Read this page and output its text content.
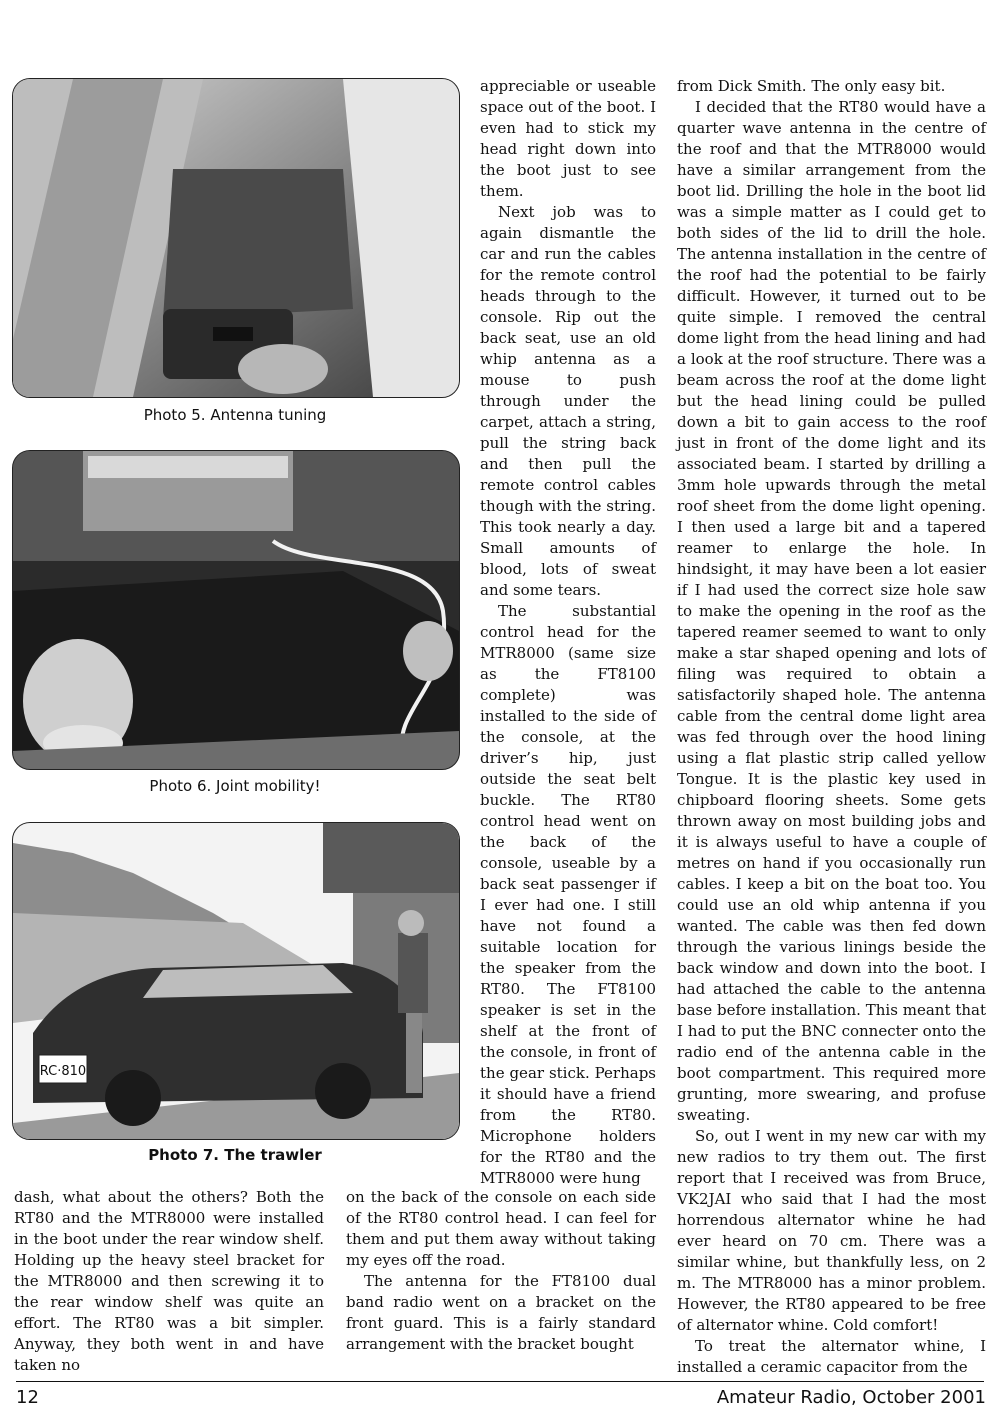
Photo 5. Antenna tuning
Photo 6. Joint mobility!
RC·810
Photo 7. The trawler

appreciable or useable space out of the boot. I even had to stick my head right down into the boot just to see them.

Next job was to again dismantle the car and run the cables for the remote control heads through to the console. Rip out the back seat, use an old whip antenna as a mouse to push through under the carpet, attach a string, pull the string back and then pull the remote control cables though with the string. This took nearly a day. Small amounts of blood, lots of sweat and some tears.

The substantial control head for the MTR8000 (same size as the FT8100 complete) was installed to the side of the console, at the driver’s hip, just outside the seat belt buckle. The RT80 control head went on the back of the console, useable by a back seat passenger if I ever had one. I still have not found a suitable location for the speaker from the RT80. The FT8100 speaker is set in the shelf at the front of the console, in front of the gear stick. Perhaps it should have a friend from the RT80. Microphone holders for the RT80 and the MTR8000 were hung

dash, what about the others? Both the RT80 and the MTR8000 were installed in the boot under the rear window shelf. Holding up the heavy steel bracket for the MTR8000 and then screwing it to the rear window shelf was quite an effort. The RT80 was a bit simpler. Anyway, they both went in and have taken no

on the back of the console on each side of the RT80 control head. I can feel for them and put them away without taking my eyes off the road.

The antenna for the FT8100 dual band radio went on a bracket on the front guard. This is a fairly standard arrangement with the bracket bought

from Dick Smith. The only easy bit.

I decided that the RT80 would have a quarter wave antenna in the centre of the roof and that the MTR8000 would have a similar arrangement from the boot lid. Drilling the hole in the boot lid was a simple matter as I could get to both sides of the lid to drill the hole. The antenna installation in the centre of the roof had the potential to be fairly difficult. However, it turned out to be quite simple. I removed the central dome light from the head lining and had a look at the roof structure. There was a beam across the roof at the dome light but the head lining could be pulled down a bit to gain access to the roof just in front of the dome light and its associated beam. I started by drilling a 3mm hole upwards through the metal roof sheet from the dome light opening. I then used a large bit and a tapered reamer to enlarge the hole. In hindsight, it may have been a lot easier if I had used the correct size hole saw to make the opening in the roof as the tapered reamer seemed to want to only make a star shaped opening and lots of filing was required to obtain a satisfactorily shaped hole. The antenna cable from the central dome light area was fed through over the hood lining using a flat plastic strip called yellow Tongue. It is the plastic key used in chipboard flooring sheets. Some gets thrown away on most building jobs and it is always useful to have a couple of metres on hand if you occasionally run cables. I keep a bit on the boat too. You could use an old whip antenna if you wanted. The cable was then fed down through the various linings beside the back window and down into the boot. I had attached the cable to the antenna base before installation. This meant that I had to put the BNC connecter onto the radio end of the antenna cable in the boot compartment. This required more grunting, more swearing, and profuse sweating.

So, out I went in my new car with my new radios to try them out. The first report that I received was from Bruce, VK2JAI who said that I had the most horrendous alternator whine he had ever heard on 70 cm. There was a similar whine, but thankfully less, on 2 m. The MTR8000 has a minor problem. However, the RT80 appeared to be free of alternator whine. Cold comfort!

To treat the alternator whine, I installed a ceramic capacitor from the

12	Amateur Radio, October 2001
